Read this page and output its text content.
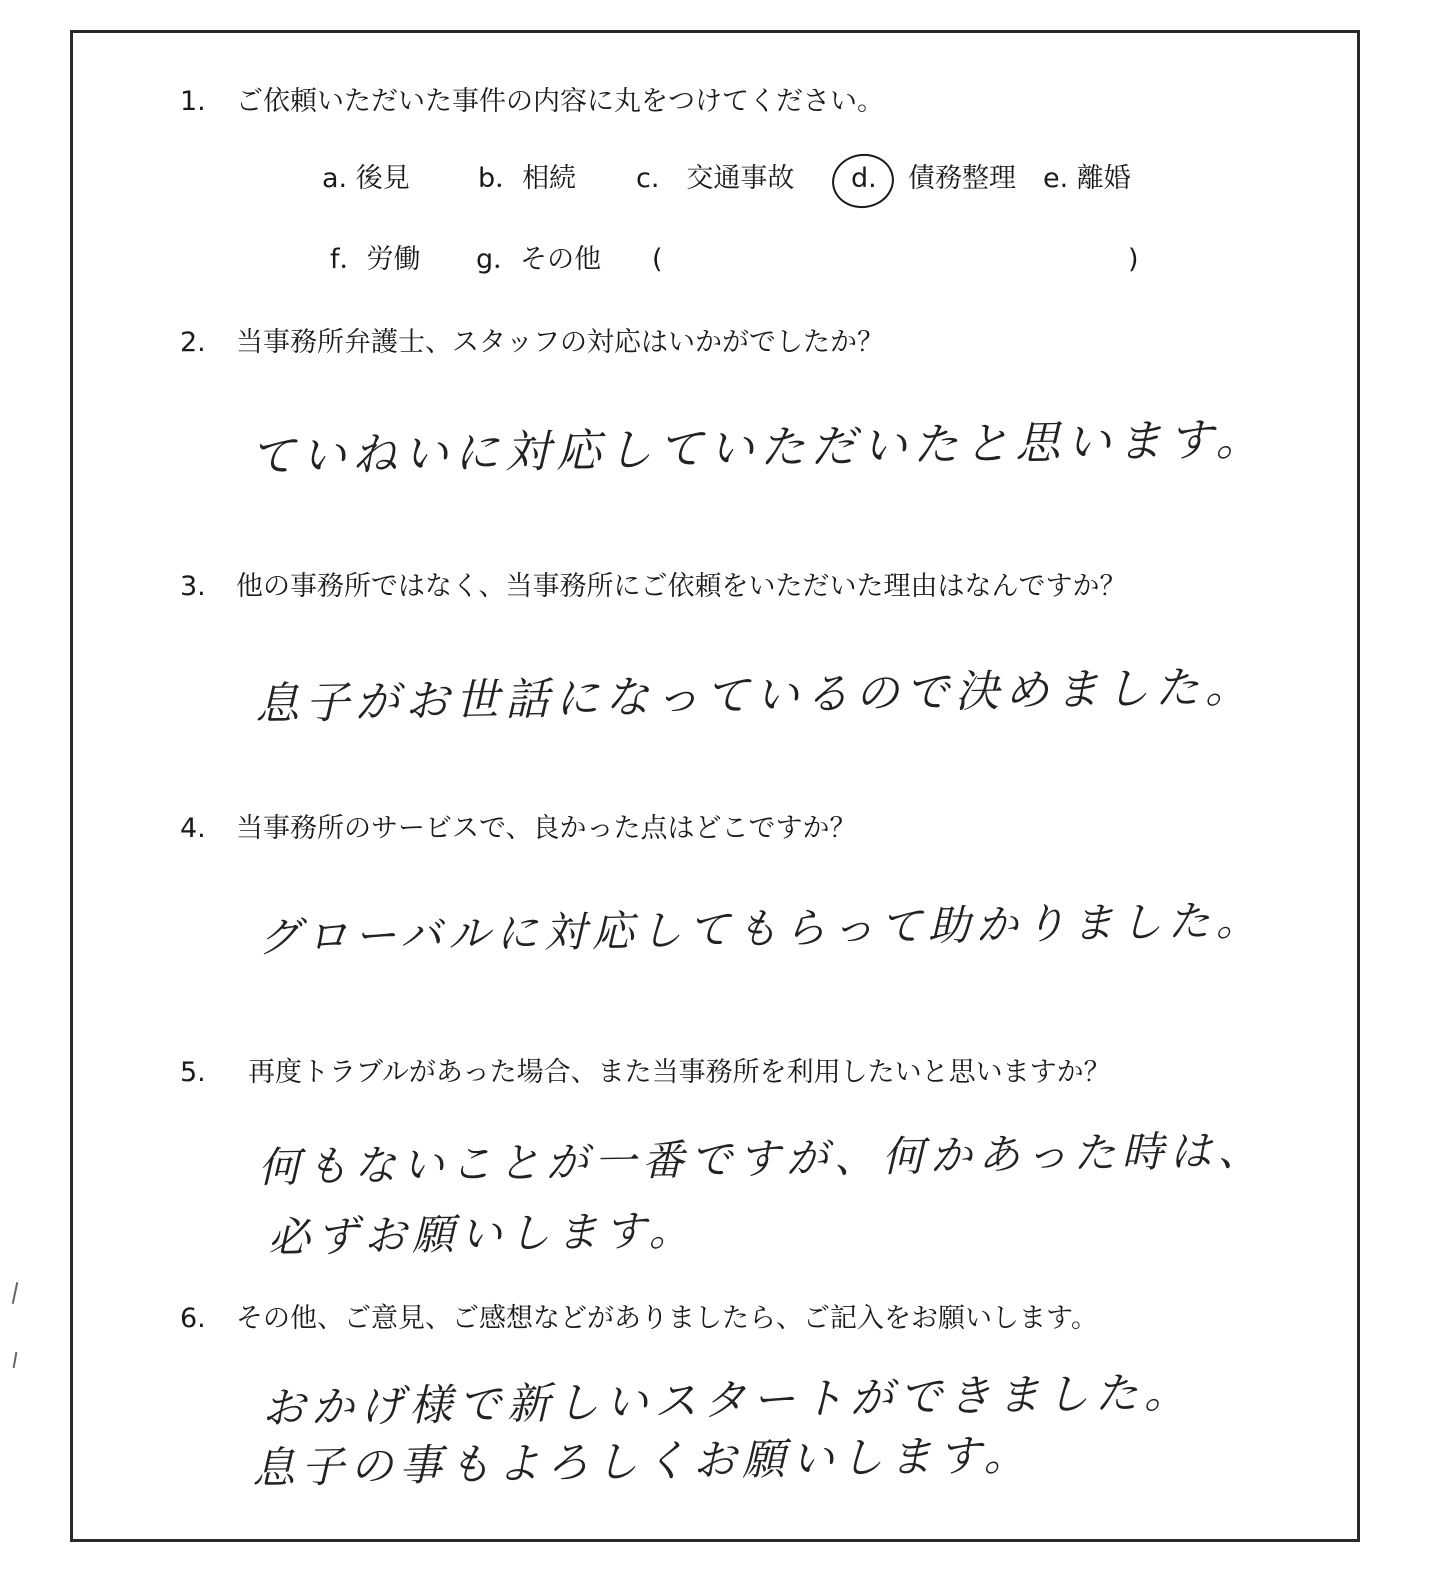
1. ご依頼いただいた事件の内容に丸をつけてください。
a. 後見	b．相続 c.　交通事故 d. 債務整理 e. 離婚
f．労働 g．その他 (	)
2. 当事務所弁護士、スタッフの対応はいかがでしたか？
ていねいに対応していただいたと思います。
3. 他の事務所ではなく、当事務所にご依頼をいただいた理由はなんですか？
息子がお世話になっているので決めました。
4. 当事務所のサービスで、良かった点はどこですか？
グローバルに対応してもらって助かりました。
5. 再度トラブルがあった場合、また当事務所を利用したいと思いますか？
何もないことが一番ですが、何かあった時は、
必ずお願いします。
6. その他、ご意見、ご感想などがありましたら、ご記入をお願いします。
おかげ様で新しいスタートができました。
息子の事もよろしくお願いします。
